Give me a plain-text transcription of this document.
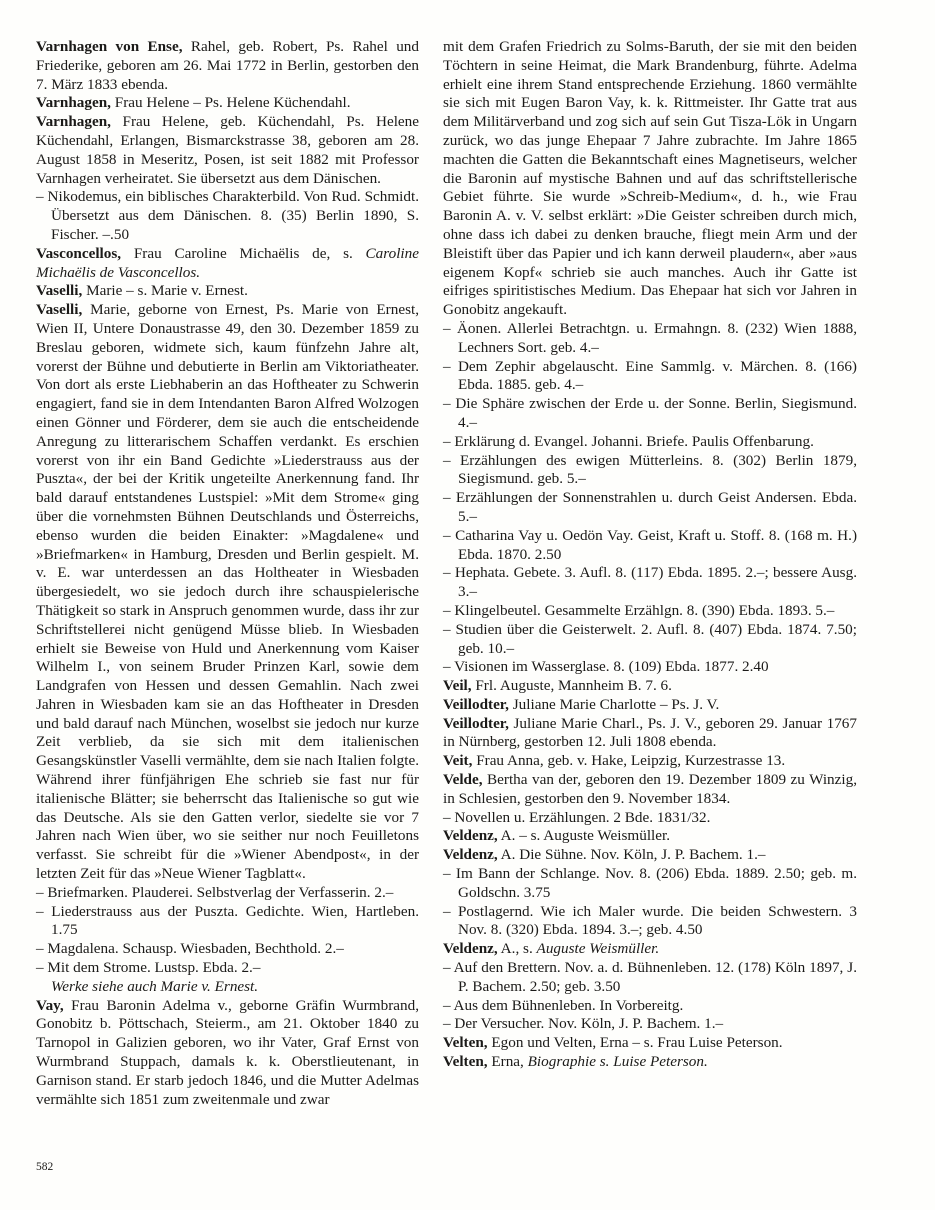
Varnhagen von Ense, Rahel, geb. Robert, Ps. Rahel und Friederike, geboren am 26. Mai 1772 in Berlin, gestorben den 7. März 1833 ebenda.

Varnhagen, Frau Helene – Ps. Helene Küchendahl.

Varnhagen, Frau Helene, geb. Küchendahl, Ps. Helene Küchendahl, Erlangen, Bismarckstrasse 38, geboren am 28. August 1858 in Meseritz, Posen, ist seit 1882 mit Professor Varnhagen verheiratet. Sie übersetzt aus dem Dänischen.

– Nikodemus, ein biblisches Charakterbild. Von Rud. Schmidt. Übersetzt aus dem Dänischen. 8. (35) Berlin 1890, S. Fischer. –.50

Vasconcellos, Frau Caroline Michaëlis de, s. Caroline Michaëlis de Vasconcellos.

Vaselli, Marie – s. Marie v. Ernest.

Vaselli, Marie, geborne von Ernest, Ps. Marie von Ernest, Wien II, Untere Donaustrasse 49, den 30. Dezember 1859 zu Breslau geboren, widmete sich, kaum fünfzehn Jahre alt, vorerst der Bühne und debutierte in Berlin am Viktoriatheater. Von dort als erste Liebhaberin an das Hoftheater zu Schwerin engagiert, fand sie in dem Intendanten Baron Alfred Wolzogen einen Gönner und Förderer, dem sie auch die entscheidende Anregung zu litterarischem Schaffen verdankt. Es erschien vorerst von ihr ein Band Gedichte »Liederstrauss aus der Puszta«, der bei der Kritik ungeteilte Anerkennung fand. Ihr bald darauf entstandenes Lustspiel: »Mit dem Strome« ging über die vornehmsten Bühnen Deutschlands und Österreichs, ebenso wurden die beiden Einakter: »Magdalene« und »Briefmarken« in Hamburg, Dresden und Berlin gespielt. M. v. E. war unterdessen an das Holtheater in Wiesbaden übergesiedelt, wo sie jedoch durch ihre schauspielerische Thätigkeit so stark in Anspruch genommen wurde, dass ihr zur Schriftstellerei nicht genügend Müsse blieb. In Wiesbaden erhielt sie Beweise von Huld und Anerkennung vom Kaiser Wilhelm I., von seinem Bruder Prinzen Karl, sowie dem Landgrafen von Hessen und dessen Gemahlin. Nach zwei Jahren in Wiesbaden kam sie an das Hoftheater in Dresden und bald darauf nach München, woselbst sie jedoch nur kurze Zeit verblieb, da sie sich mit dem italienischen Gesangskünstler Vaselli vermählte, dem sie nach Italien folgte. Während ihrer fünfjährigen Ehe schrieb sie fast nur für italienische Blätter; sie beherrscht das Italienische so gut wie das Deutsche. Als sie den Gatten verlor, siedelte sie vor 7 Jahren nach Wien über, wo sie seither nur noch Feuilletons verfasst. Sie schreibt für die »Wiener Abendpost«, in der letzten Zeit für das »Neue Wiener Tagblatt«.

– Briefmarken. Plauderei. Selbstverlag der Verfasserin. 2.–

– Liederstrauss aus der Puszta. Gedichte. Wien, Hartleben. 1.75

– Magdalena. Schausp. Wiesbaden, Bechthold. 2.–

– Mit dem Strome. Lustsp. Ebda. 2.–

Werke siehe auch Marie v. Ernest.

Vay, Frau Baronin Adelma v., geborne Gräfin Wurmbrand, Gonobitz b. Pöttschach, Steierm., am 21. Oktober 1840 zu Tarnopol in Galizien geboren, wo ihr Vater, Graf Ernst von Wurmbrand Stuppach, damals k. k. Oberstlieutenant, in Garnison stand. Er starb jedoch 1846, und die Mutter Adelmas vermählte sich 1851 zum zweitenmale und zwar

mit dem Grafen Friedrich zu Solms-Baruth, der sie mit den beiden Töchtern in seine Heimat, die Mark Brandenburg, führte. Adelma erhielt eine ihrem Stand entsprechende Erziehung. 1860 vermählte sie sich mit Eugen Baron Vay, k. k. Rittmeister. Ihr Gatte trat aus dem Militärverband und zog sich auf sein Gut Tisza-Lök in Ungarn zurück, wo das junge Ehepaar 7 Jahre zubrachte. Im Jahre 1865 machten die Gatten die Bekanntschaft eines Magnetiseurs, welcher die Baronin auf mystische Bahnen und auf das schriftstellerische Gebiet führte. Sie wurde »Schreib-Medium«, d. h., wie Frau Baronin A. v. V. selbst erklärt: »Die Geister schreiben durch mich, ohne dass ich dabei zu denken brauche, fliegt mein Arm und der Bleistift über das Papier und ich kann derweil plaudern«, aber »aus eigenem Kopf« schrieb sie auch manches. Auch ihr Gatte ist eifriges spiritistisches Medium. Das Ehepaar hat sich vor Jahren in Gonobitz angekauft.

– Äonen. Allerlei Betrachtgn. u. Ermahngn. 8. (232) Wien 1888, Lechners Sort. geb. 4.–

– Dem Zephir abgelauscht. Eine Sammlg. v. Märchen. 8. (166) Ebda. 1885. geb. 4.–

– Die Sphäre zwischen der Erde u. der Sonne. Berlin, Siegismund. 4.–

– Erklärung d. Evangel. Johanni. Briefe. Paulis Offenbarung.

– Erzählungen des ewigen Mütterleins. 8. (302) Berlin 1879, Siegismund. geb. 5.–

– Erzählungen der Sonnenstrahlen u. durch Geist Andersen. Ebda. 5.–

– Catharina Vay u. Oedön Vay. Geist, Kraft u. Stoff. 8. (168 m. H.) Ebda. 1870. 2.50

– Hephata. Gebete. 3. Aufl. 8. (117) Ebda. 1895. 2.–; bessere Ausg. 3.–

– Klingelbeutel. Gesammelte Erzählgn. 8. (390) Ebda. 1893. 5.–

– Studien über die Geisterwelt. 2. Aufl. 8. (407) Ebda. 1874. 7.50; geb. 10.–

– Visionen im Wasserglase. 8. (109) Ebda. 1877. 2.40

Veil, Frl. Auguste, Mannheim B. 7. 6.

Veillodter, Juliane Marie Charlotte – Ps. J. V.

Veillodter, Juliane Marie Charl., Ps. J. V., geboren 29. Januar 1767 in Nürnberg, gestorben 12. Juli 1808 ebenda.

Veit, Frau Anna, geb. v. Hake, Leipzig, Kurzestrasse 13.

Velde, Bertha van der, geboren den 19. Dezember 1809 zu Winzig, in Schlesien, gestorben den 9. November 1834.

– Novellen u. Erzählungen. 2 Bde. 1831/32.

Veldenz, A. – s. Auguste Weismüller.

Veldenz, A. Die Sühne. Nov. Köln, J. P. Bachem. 1.–

– Im Bann der Schlange. Nov. 8. (206) Ebda. 1889. 2.50; geb. m. Goldschn. 3.75

– Postlagernd. Wie ich Maler wurde. Die beiden Schwestern. 3 Nov. 8. (320) Ebda. 1894. 3.–; geb. 4.50

Veldenz, A., s. Auguste Weismüller.

– Auf den Brettern. Nov. a. d. Bühnenleben. 12. (178) Köln 1897, J. P. Bachem. 2.50; geb. 3.50

– Aus dem Bühnenleben. In Vorbereitg.

– Der Versucher. Nov. Köln, J. P. Bachem. 1.–

Velten, Egon und Velten, Erna – s. Frau Luise Peterson.

Velten, Erna, Biographie s. Luise Peterson.

582
